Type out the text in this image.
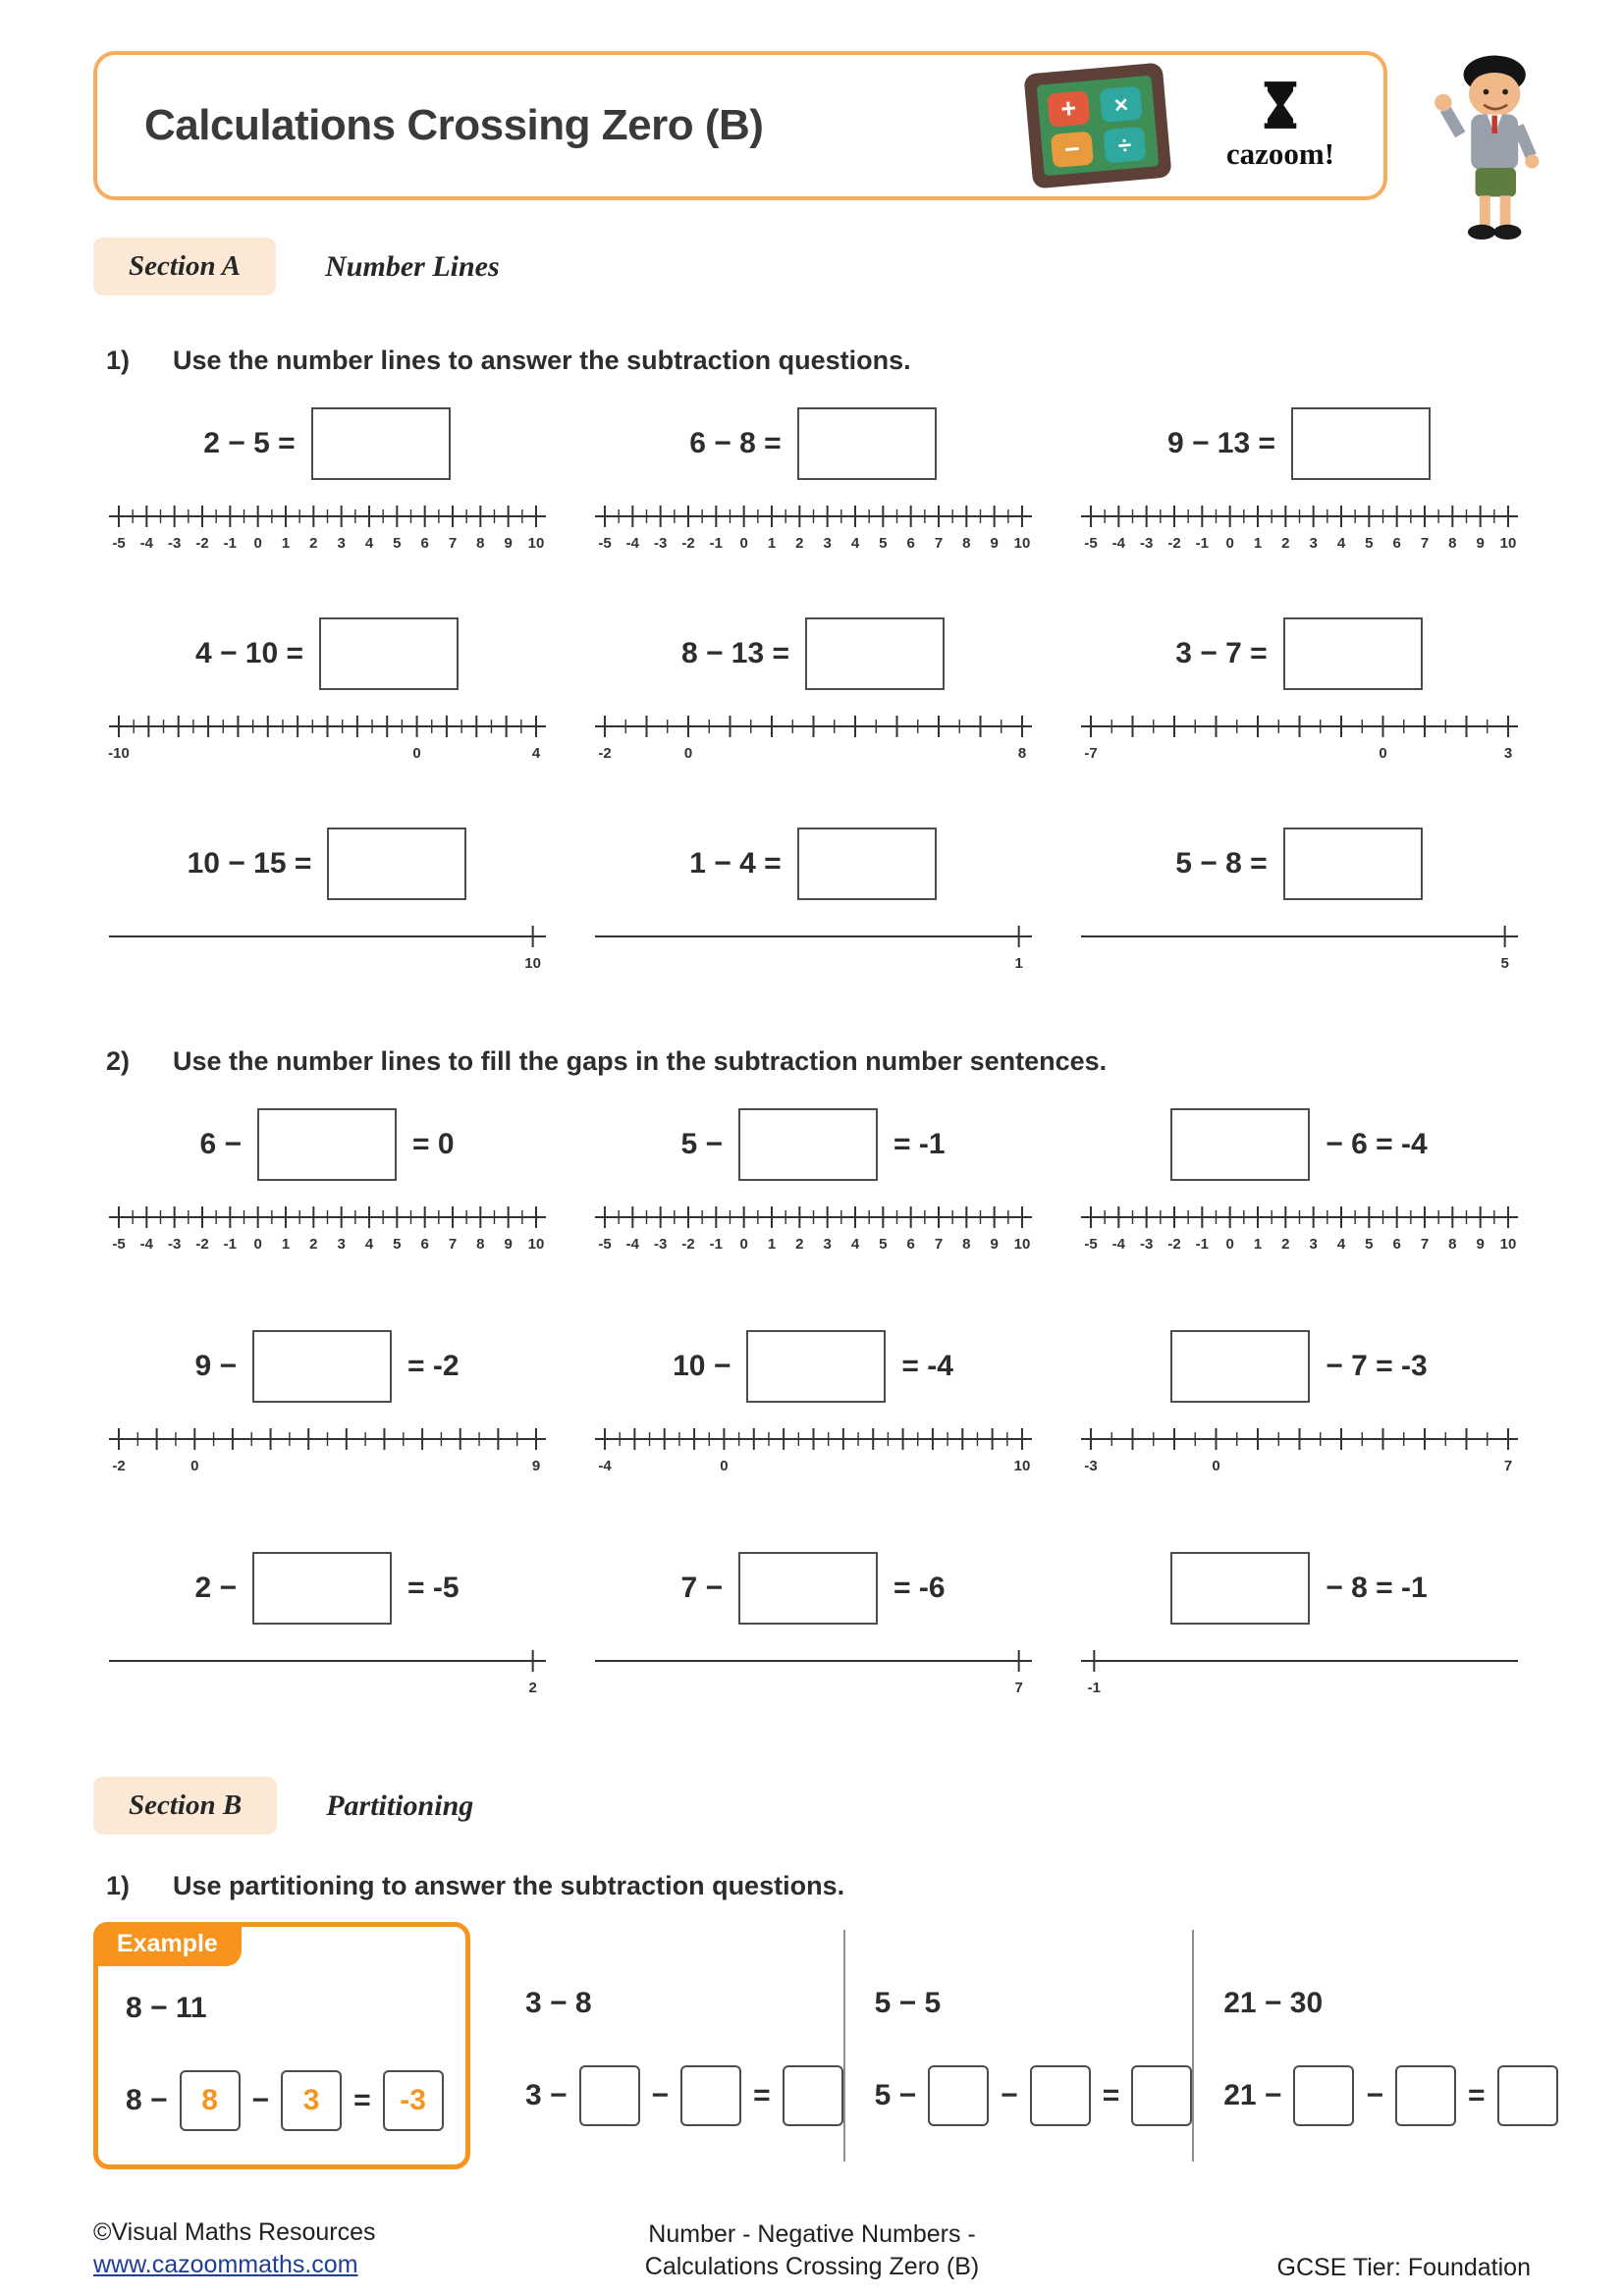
Calculations Crossing Zero (B)	+ ×
− ÷	cazoom!
Section A	Number Lines
1) Use the number lines to answer the subtraction questions.
2 − 5 =
-5 -4 -3 -2 -1 0 1 2 3 4 5 6 7 8 9 10
6 − 8 =
-5 -4 -3 -2 -1 0 1 2 3 4 5 6 7 8 9 10
9 − 13 =
-5 -4 -3 -2 -1 0 1 2 3 4 5 6 7 8 9 10
4 − 10 =
-10	0	4
8 − 13 =
-2	0	8
3 − 7 =
-7	0	3
10 − 15 =
10
1 − 4 =
1
5 − 8 =
5
2) Use the number lines to fill the gaps in the subtraction number sentences.
6 −	= 0
-5 -4 -3 -2 -1 0 1 2 3 4 5 6 7 8 9 10
5 −	= -1
-5 -4 -3 -2 -1 0 1 2 3 4 5 6 7 8 9 10
− 6 = -4
-5 -4 -3 -2 -1 0 1 2 3 4 5 6 7 8 9 10
9 −	= -2
-2	0	9
10 −	= -4
-4	0	10
− 7 = -3
-3	0	7
2 −	= -5
2
7 −	= -6
7
− 8 = -1
-1
Section B	Partitioning
1) Use partitioning to answer the subtraction questions.
Example
8 − 11
8 − 8 − 3 = -3
3 − 8
3 −	−	=
5 − 5
5 −	−	=
21 − 30
21 −	−	=
©Visual Maths Resources
www.cazoommaths.com
Number - Negative Numbers -
Calculations Crossing Zero (B)	GCSE Tier: Foundation
